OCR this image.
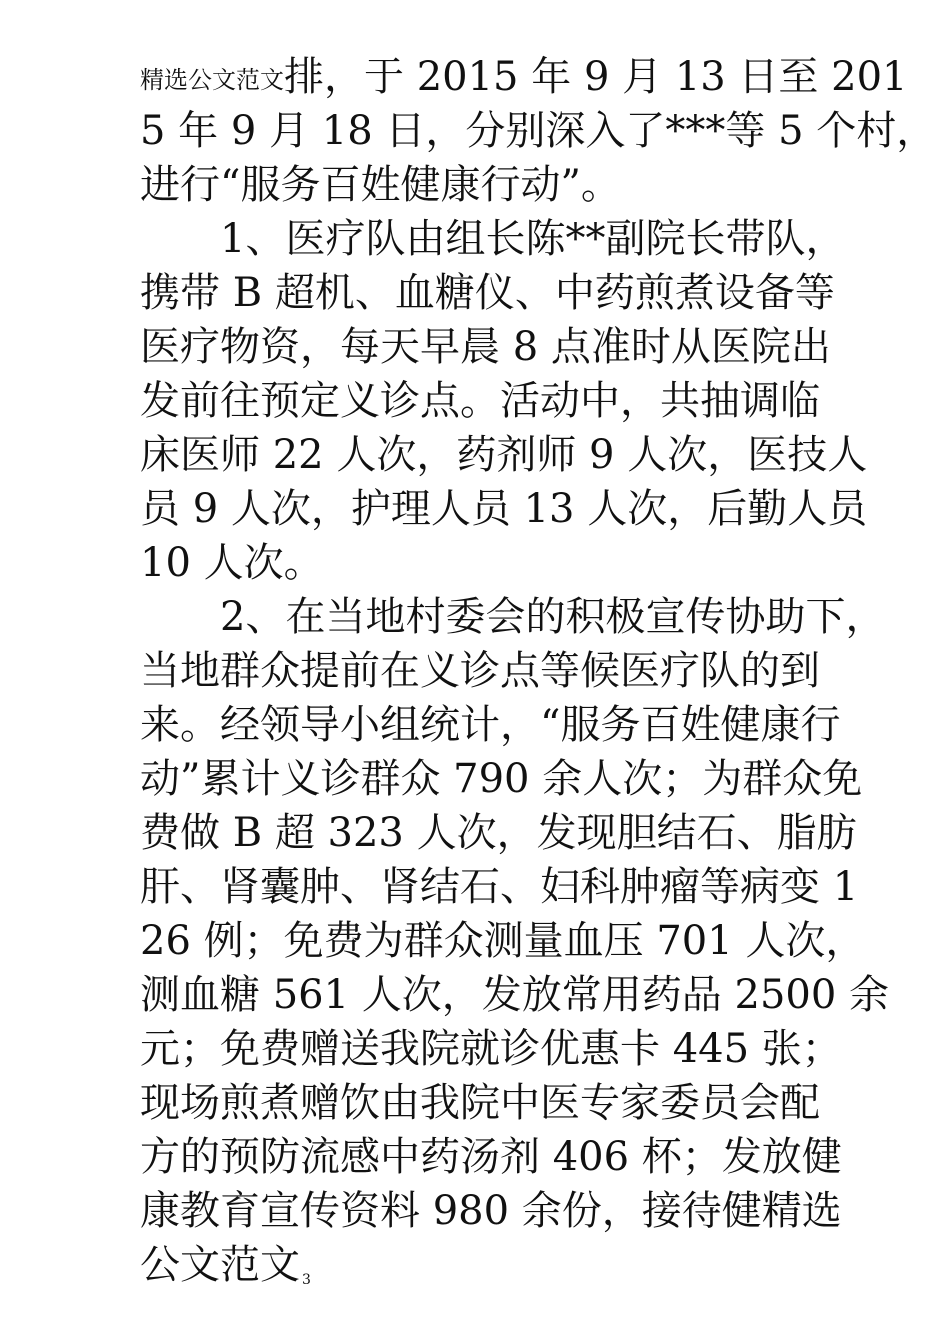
精选公文范文排，于 2015 年 9 月 13 日至 201
5 年 9 月 18 日，分别深入了***等 5 个村，
进行“服务百姓健康行动”。
1、医疗队由组长陈**副院长带队，
携带 B 超机、血糖仪、中药煎煮设备等
医疗物资，每天早晨 8 点准时从医院出
发前往预定义诊点。活动中，共抽调临
床医师 22 人次，药剂师 9 人次，医技人
员 9 人次，护理人员 13 人次，后勤人员
10 人次。
2、在当地村委会的积极宣传协助下，
当地群众提前在义诊点等候医疗队的到
来。经领导小组统计，“服务百姓健康行
动”累计义诊群众 790 余人次；为群众免
费做 B 超 323 人次，发现胆结石、脂肪
肝、肾囊肿、肾结石、妇科肿瘤等病变 1
26 例；免费为群众测量血压 701 人次，
测血糖 561 人次，发放常用药品 2500 余
元；免费赠送我院就诊优惠卡 445 张；
现场煎煮赠饮由我院中医专家委员会配
方的预防流感中药汤剂 406 杯；发放健
康教育宣传资料 980 余份，接待健精选
公文范文 3
